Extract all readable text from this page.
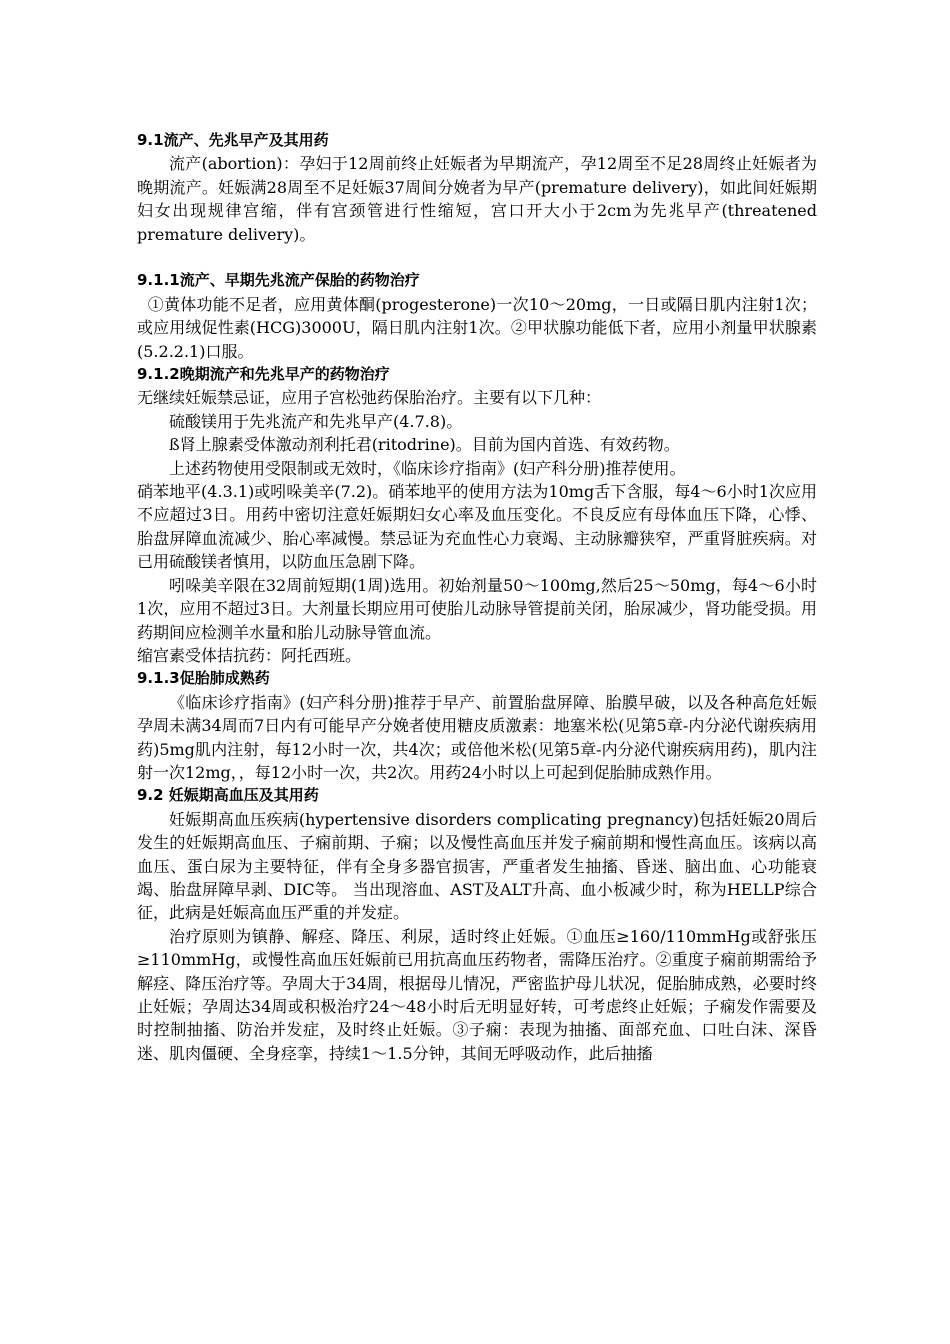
9.1流产、先兆早产及其用药
流产(abortion)：孕妇于12周前终止妊娠者为早期流产，孕12周至不足28周终止妊娠者为晚期流产。妊娠满28周至不足妊娠37周间分娩者为早产(premature delivery)，如此间妊娠期妇女出现规律宫缩，伴有宫颈管进行性缩短，宫口开大小于2cm为先兆早产(threatened premature delivery)。
9.1.1流产、早期先兆流产保胎的药物治疗
①黄体功能不足者，应用黄体酮(progesterone)一次10～20mg，一日或隔日肌内注射1次；或应用绒促性素(HCG)3000U，隔日肌内注射1次。②甲状腺功能低下者，应用小剂量甲状腺素(5.2.2.1)口服。
9.1.2晚期流产和先兆早产的药物治疗
无继续妊娠禁忌证，应用子宫松弛药保胎治疗。主要有以下几种：
硫酸镁用于先兆流产和先兆早产(4.7.8)。
ß肾上腺素受体激动剂利托君(ritodrine)。目前为国内首选、有效药物。
上述药物使用受限制或无效时，《临床诊疗指南》(妇产科分册)推荐使用。
硝苯地平(4.3.1)或吲哚美辛(7.2)。硝苯地平的使用方法为10mg舌下含服，每4～6小时1次应用不应超过3日。用药中密切注意妊娠期妇女心率及血压变化。不良反应有母体血压下降，心悸、胎盘屏障血流减少、胎心率减慢。禁忌证为充血性心力衰竭、主动脉瓣狭窄，严重肾脏疾病。对已用硫酸镁者慎用，以防血压急剧下降。
吲哚美辛限在32周前短期(1周)选用。初始剂量50～100mg,然后25～50mg，每4～6小时1次，应用不超过3日。大剂量长期应用可使胎儿动脉导管提前关闭，胎尿减少，肾功能受损。用药期间应检测羊水量和胎儿动脉导管血流。
缩宫素受体拮抗药：阿托西班。
9.1.3促胎肺成熟药
《临床诊疗指南》(妇产科分册)推荐于早产、前置胎盘屏障、胎膜早破，以及各种高危妊娠孕周未满34周而7日内有可能早产分娩者使用糖皮质激素：地塞米松(见第5章-内分泌代谢疾病用药)5mg肌内注射，每12小时一次，共4次；或倍他米松(见第5章-内分泌代谢疾病用药)，肌内注射一次12mg，，每12小时一次，共2次。用药24小时以上可起到促胎肺成熟作用。
9.2 妊娠期高血压及其用药
妊娠期高血压疾病(hypertensive disorders complicating pregnancy)包括妊娠20周后发生的妊娠期高血压、子痫前期、子痫；以及慢性高血压并发子痫前期和慢性高血压。该病以高血压、蛋白尿为主要特征，伴有全身多器官损害，严重者发生抽搐、昏迷、脑出血、心功能衰竭、胎盘屏障早剥、DIC等。 当出现溶血、AST及ALT升高、血小板减少时，称为HELLP综合征，此病是妊娠高血压严重的并发症。
治疗原则为镇静、解痉、降压、利尿，适时终止妊娠。①血压≥160/110mmHg或舒张压≥110mmHg，或慢性高血压妊娠前已用抗高血压药物者，需降压治疗。②重度子痫前期需给予解痉、降压治疗等。孕周大于34周，根据母儿情况，严密监护母儿状况，促胎肺成熟，必要时终止妊娠；孕周达34周或积极治疗24～48小时后无明显好转，可考虑终止妊娠；子痫发作需要及时控制抽搐、防治并发症，及时终止妊娠。③子痫：表现为抽搐、面部充血、口吐白沫、深昏迷、肌肉僵硬、全身痉挛，持续1～1.5分钟，其间无呼吸动作，此后抽搐
